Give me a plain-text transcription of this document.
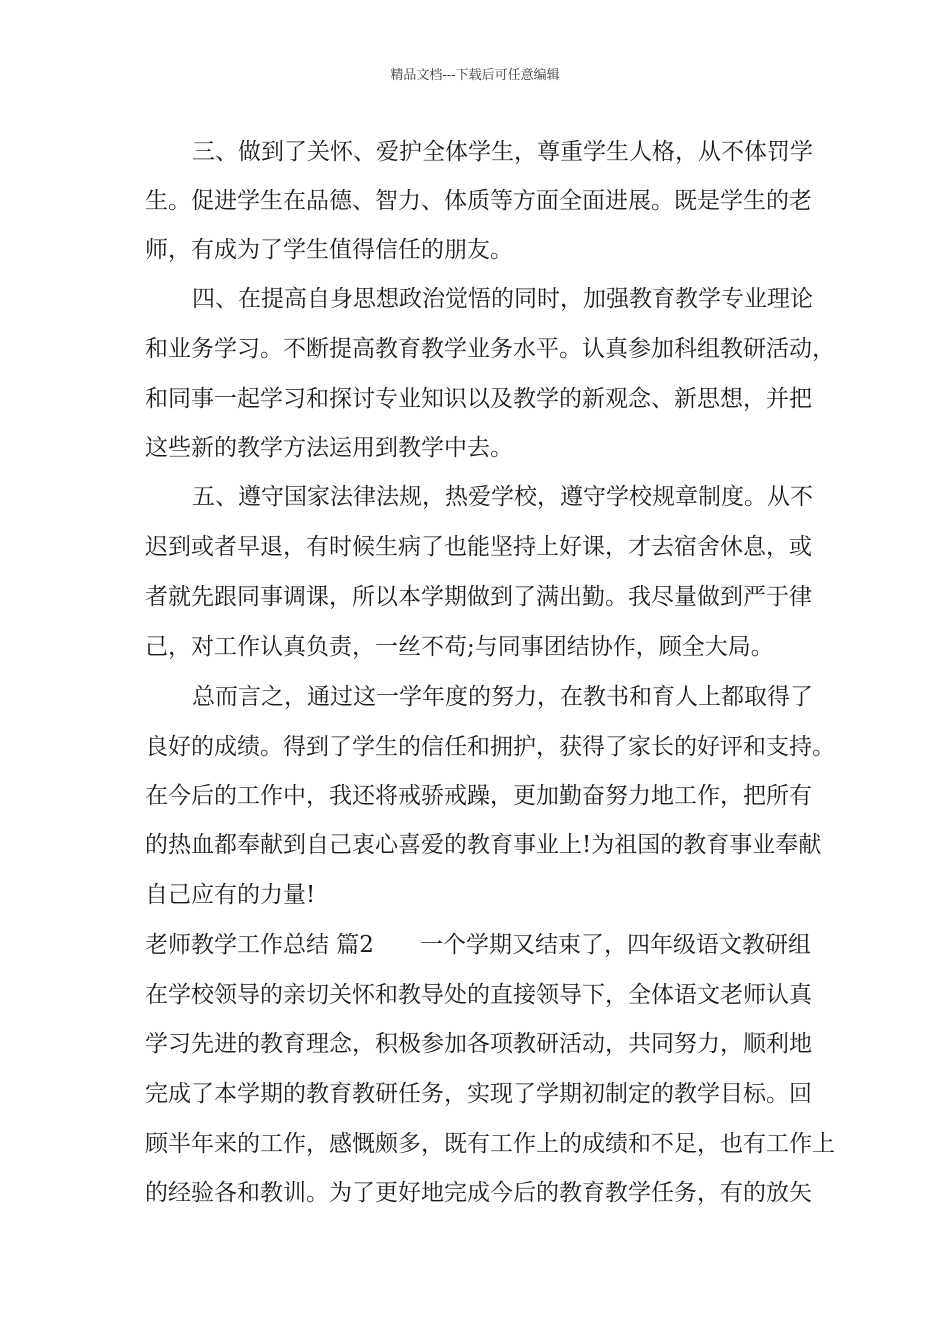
精品文档---下载后可任意编辑
三、做到了关怀、爱护全体学生，尊重学生人格，从不体罚学
生。促进学生在品德、智力、体质等方面全面进展。既是学生的老
师，有成为了学生值得信任的朋友。
四、在提高自身思想政治觉悟的同时，加强教育教学专业理论
和业务学习。不断提高教育教学业务水平。认真参加科组教研活动，
和同事一起学习和探讨专业知识以及教学的新观念、新思想，并把
这些新的教学方法运用到教学中去。
五、遵守国家法律法规，热爱学校，遵守学校规章制度。从不
迟到或者早退，有时候生病了也能坚持上好课，才去宿舍休息，或
者就先跟同事调课，所以本学期做到了满出勤。我尽量做到严于律
己，对工作认真负责，一丝不苟;与同事团结协作，顾全大局。
总而言之，通过这一学年度的努力，在教书和育人上都取得了
良好的成绩。得到了学生的信任和拥护，获得了家长的好评和支持。
在今后的工作中，我还将戒骄戒躁，更加勤奋努力地工作，把所有
的热血都奉献到自己衷心喜爱的教育事业上!为祖国的教育事业奉献
自己应有的力量!
老师教学工作总结 篇2　　一个学期又结束了，四年级语文教研组
在学校领导的亲切关怀和教导处的直接领导下，全体语文老师认真
学习先进的教育理念，积极参加各项教研活动，共同努力，顺利地
完成了本学期的教育教研任务，实现了学期初制定的教学目标。回
顾半年来的工作，感慨颇多，既有工作上的成绩和不足，也有工作上
的经验各和教训。为了更好地完成今后的教育教学任务，有的放矢
